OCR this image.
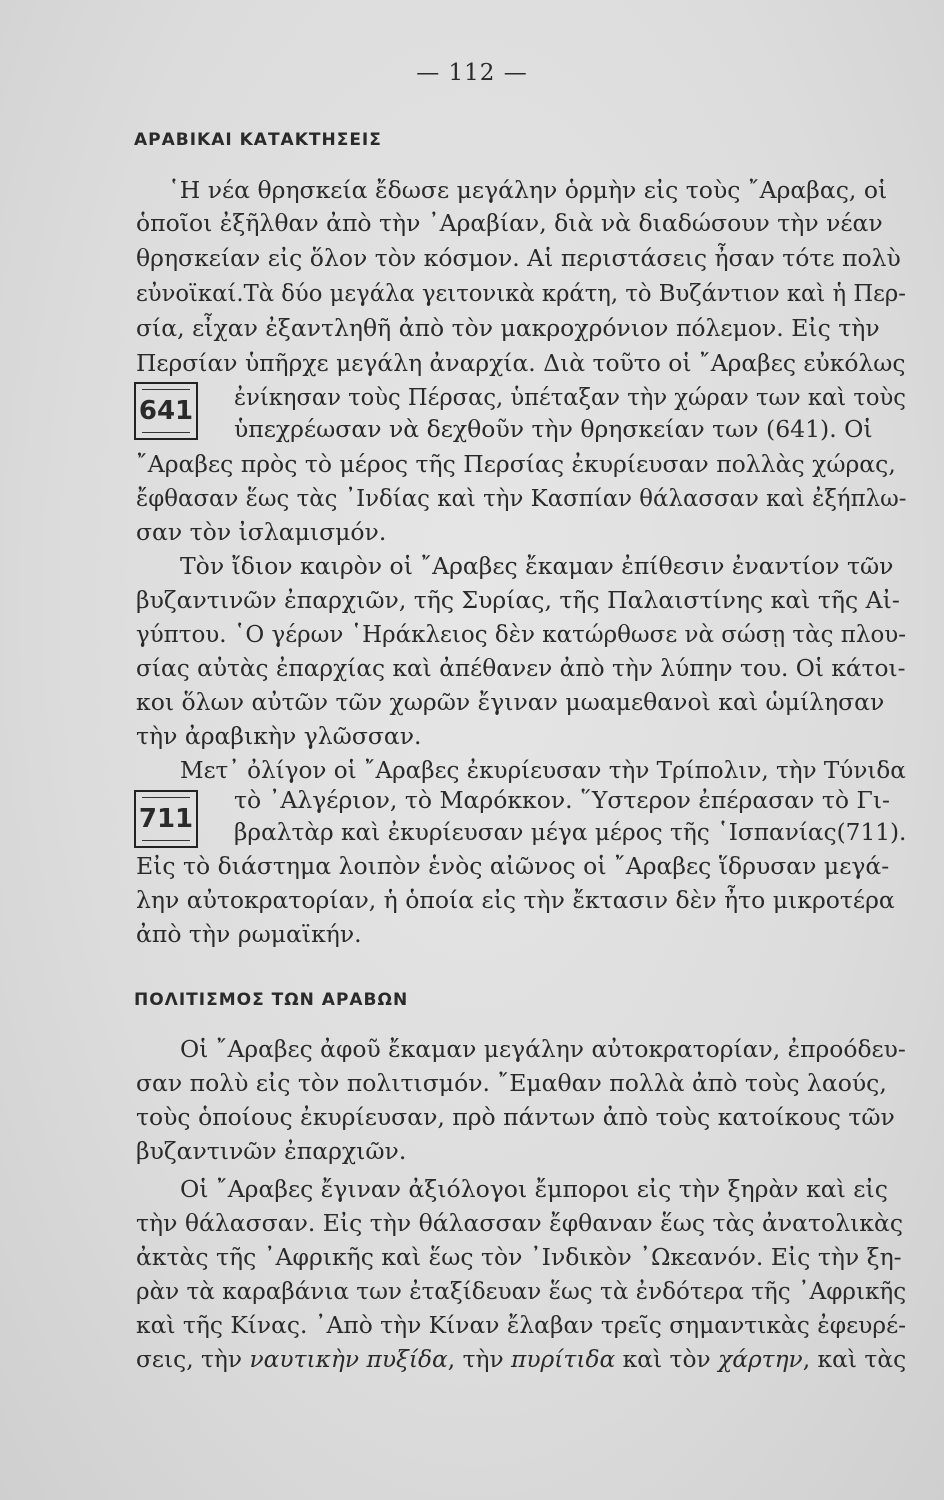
— 112 —
ΑΡΑΒΙΚΑΙ ΚΑΤΑΚΤΗΣΕΙΣ
῾Η νέα θρησκεία ἔδωσε μεγάλην ὁρμὴν εἰς τοὺς ῎Αραβας, οἱ
ὁποῖοι ἐξῆλθαν ἀπὸ τὴν ᾿Αραβίαν, διὰ νὰ διαδώσουν τὴν νέαν
θρησκείαν εἰς ὅλον τὸν κόσμον. Αἱ περιστάσεις ἦσαν τότε πολὺ
εὐνοϊκαί.Τὰ δύο μεγάλα γειτονικὰ κράτη, τὸ Βυζάντιον καὶ ἡ Περ-
σία, εἶχαν ἐξαντληθῆ ἀπὸ τὸν μακροχρόνιον πόλεμον. Εἰς τὴν
Περσίαν ὑπῆρχε μεγάλη ἀναρχία. Διὰ τοῦτο οἱ ῎Αραβες εὐκόλως
641 ἐνίκησαν τοὺς Πέρσας, ὑπέταξαν τὴν χώραν των καὶ τοὺς
ὑπεχρέωσαν νὰ δεχθοῦν τὴν θρησκείαν των (641). Οἱ
῎Αραβες πρὸς τὸ μέρος τῆς Περσίας ἐκυρίευσαν πολλὰς χώρας,
ἔφθασαν ἕως τὰς ᾿Ινδίας καὶ τὴν Κασπίαν θάλασσαν καὶ ἐξήπλω-
σαν τὸν ἰσλαμισμόν.
Τὸν ἴδιον καιρὸν οἱ ῎Αραβες ἔκαμαν ἐπίθεσιν ἐναντίον τῶν
βυζαντινῶν ἐπαρχιῶν, τῆς Συρίας, τῆς Παλαιστίνης καὶ τῆς Αἰ-
γύπτου. ῾Ο γέρων ῾Ηράκλειος δὲν κατώρθωσε νὰ σώσῃ τὰς πλου-
σίας αὐτὰς ἐπαρχίας καὶ ἀπέθανεν ἀπὸ τὴν λύπην του. Οἱ κάτοι-
κοι ὅλων αὐτῶν τῶν χωρῶν ἔγιναν μωαμεθανοὶ καὶ ὡμίλησαν
τὴν ἀραβικὴν γλῶσσαν.
Μετ᾿ ὀλίγον οἱ ῎Αραβες ἐκυρίευσαν τὴν Τρίπολιν, τὴν Τύνιδα
711
τὸ ᾿Αλγέριον, τὸ Μαρόκκον. ῞Υστερον ἐπέρασαν τὸ Γι-
βραλτὰρ καὶ ἐκυρίευσαν μέγα μέρος τῆς ῾Ισπανίας(711).
Εἰς τὸ διάστημα λοιπὸν ἑνὸς αἰῶνος οἱ ῎Αραβες ἵδρυσαν μεγά-
λην αὐτοκρατορίαν, ἡ ὁποία εἰς τὴν ἔκτασιν δὲν ἦτο μικροτέρα
ἀπὸ τὴν ρωμαϊκήν.
ΠΟΛΙΤΙΣΜΟΣ ΤΩΝ ΑΡΑΒΩΝ
Οἱ ῎Αραβες ἀφοῦ ἔκαμαν μεγάλην αὐτοκρατορίαν, ἐπροόδευ-
σαν πολὺ εἰς τὸν πολιτισμόν. ῎Εμαθαν πολλὰ ἀπὸ τοὺς λαούς,
τοὺς ὁποίους ἐκυρίευσαν, πρὸ πάντων ἀπὸ τοὺς κατοίκους τῶν
βυζαντινῶν ἐπαρχιῶν.
Οἱ ῎Αραβες ἔγιναν ἀξιόλογοι ἔμποροι εἰς τὴν ξηρὰν καὶ εἰς
τὴν θάλασσαν. Εἰς τὴν θάλασσαν ἔφθαναν ἕως τὰς ἀνατολικὰς
ἀκτὰς τῆς ᾿Αφρικῆς καὶ ἕως τὸν ᾿Ινδικὸν ᾿Ωκεανόν. Εἰς τὴν ξη-
ρὰν τὰ καραβάνια των ἐταξίδευαν ἕως τὰ ἐνδότερα τῆς ᾿Αφρικῆς
καὶ τῆς Κίνας. ᾿Απὸ τὴν Κίναν ἔλαβαν τρεῖς σημαντικὰς ἐφευρέ-
σεις, τὴν ναυτικὴν πυξίδα, τὴν πυρίτιδα καὶ τὸν χάρτην, καὶ τὰς
